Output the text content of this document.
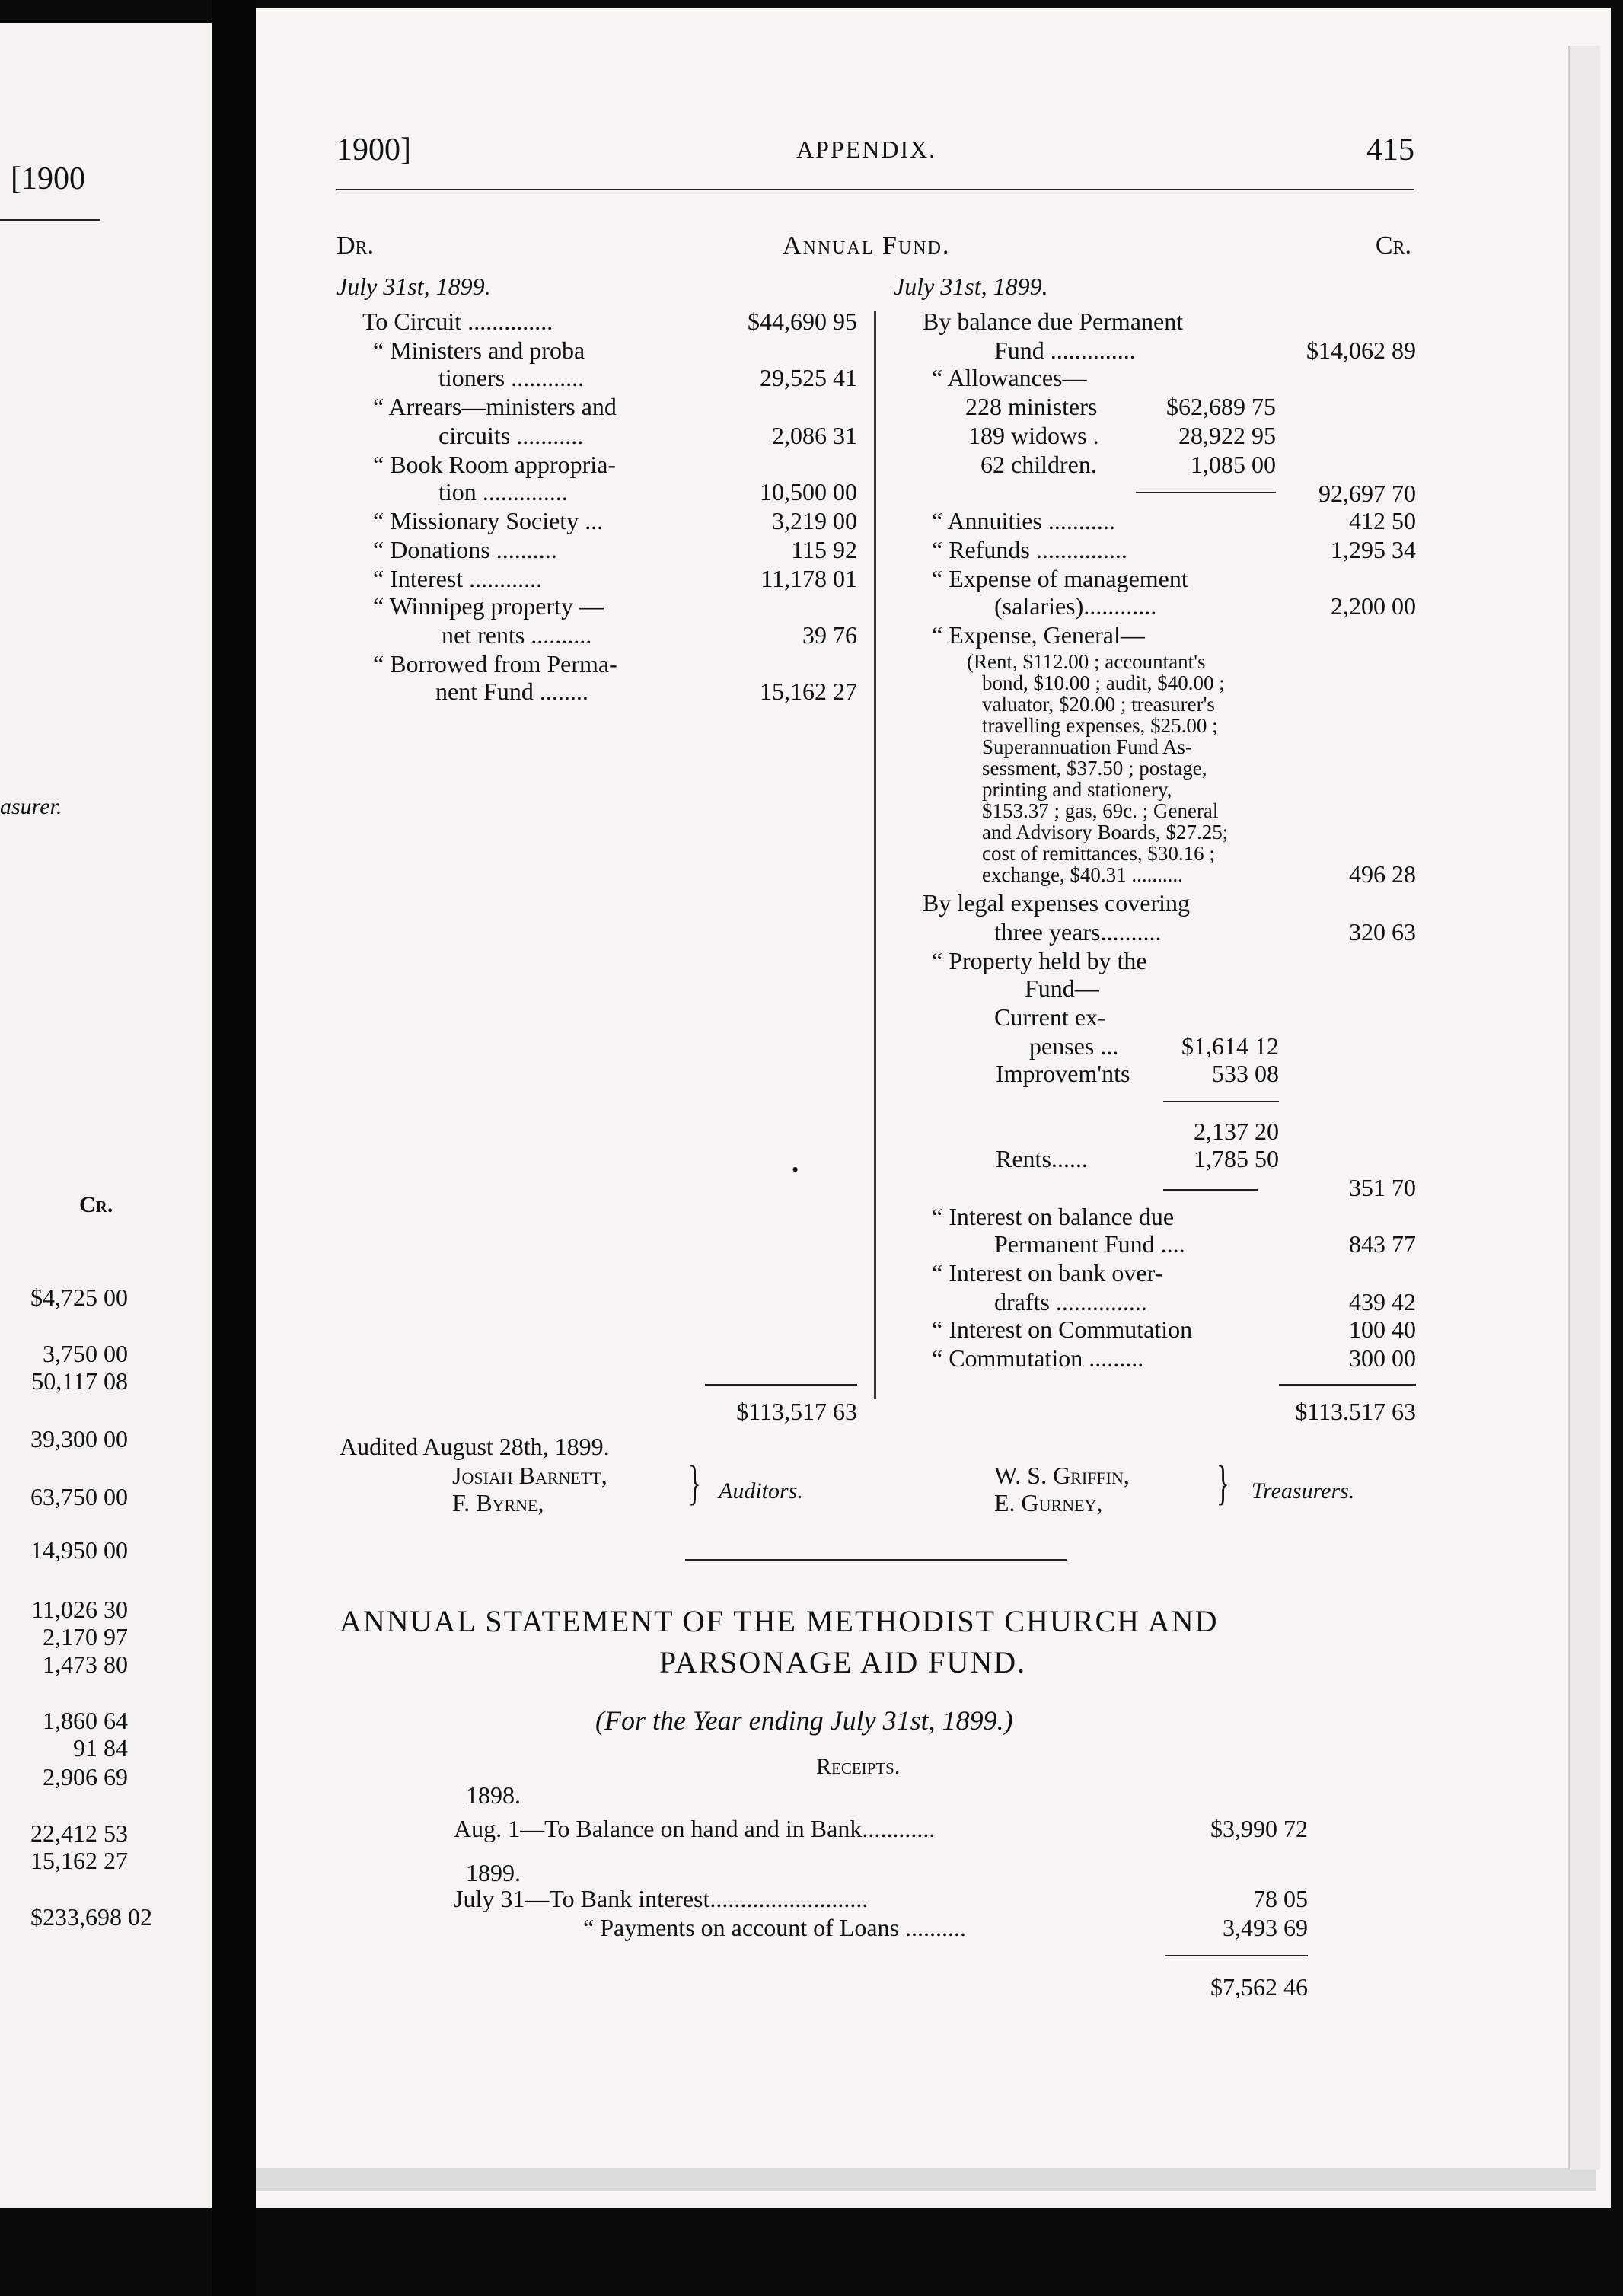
[1900
asurer.
Cr.
$4,725 00
3,750 00
50,117 08
39,300 00
63,750 00
14,950 00
11,026 30
2,170 97
1,473 80
1,860 64
91 84
2,906 69
22,412 53
15,162 27
$233,698 02
1900]	APPENDIX.	415
Dr.	Annual Fund.	Cr.
July 31st, 1899.
To Circuit ..............	$44,690 95
“ Ministers and proba
tioners ............	29,525 41
“ Arrears—ministers and
circuits ...........	2,086 31
“ Book Room appropria-
tion ..............	10,500 00
“ Missionary Society ...	3,219 00
“ Donations ..........	115 92
“ Interest ............	11,178 01
“ Winnipeg property —
net rents ..........	39 76
“ Borrowed from Perma-
nent Fund ........	15,162 27
•
$113,517 63
July 31st, 1899.
By balance due Permanent
Fund ..............	$14,062 89
“ Allowances—
228 ministers	$62,689 75
189 widows .	28,922 95
62 children.	1,085 00
92,697 70
“ Annuities ...........	412 50
“ Refunds ...............	1,295 34
“ Expense of management
(salaries)............	2,200 00
“ Expense, General—
(Rent, $112.00 ; accountant's
bond, $10.00 ; audit, $40.00 ;
valuator, $20.00 ; treasurer's
travelling expenses, $25.00 ;
Superannuation Fund As-
sessment, $37.50 ; postage,
printing and stationery,
$153.37 ; gas, 69c. ; General
and Advisory Boards, $27.25;
cost of remittances, $30.16 ;
exchange, $40.31 ..........	496 28
By legal expenses covering
three years..........	320 63
“ Property held by the
Fund—
Current ex-
penses ...	$1,614 12
Improvem'nts	533 08
2,137 20
Rents......	1,785 50
351 70
“ Interest on balance due
Permanent Fund ....	843 77
“ Interest on bank over-
drafts ...............	439 42
“ Interest on Commutation	100 40
“ Commutation .........	300 00
$113.517 63
Audited August 28th, 1899.
Josiah Barnett,
F. Byrne,	} Auditors.
W. S. Griffin,
E. Gurney, } Treasurers.
ANNUAL STATEMENT OF THE METHODIST CHURCH AND
PARSONAGE AID FUND.
(For the Year ending July 31st, 1899.)
Receipts.
1898.
Aug. 1—To Balance on hand and in Bank............	$3,990 72
1899.
July 31—To Bank interest..........................	78 05
“ Payments on account of Loans ..........	3,493 69
$7,562 46
